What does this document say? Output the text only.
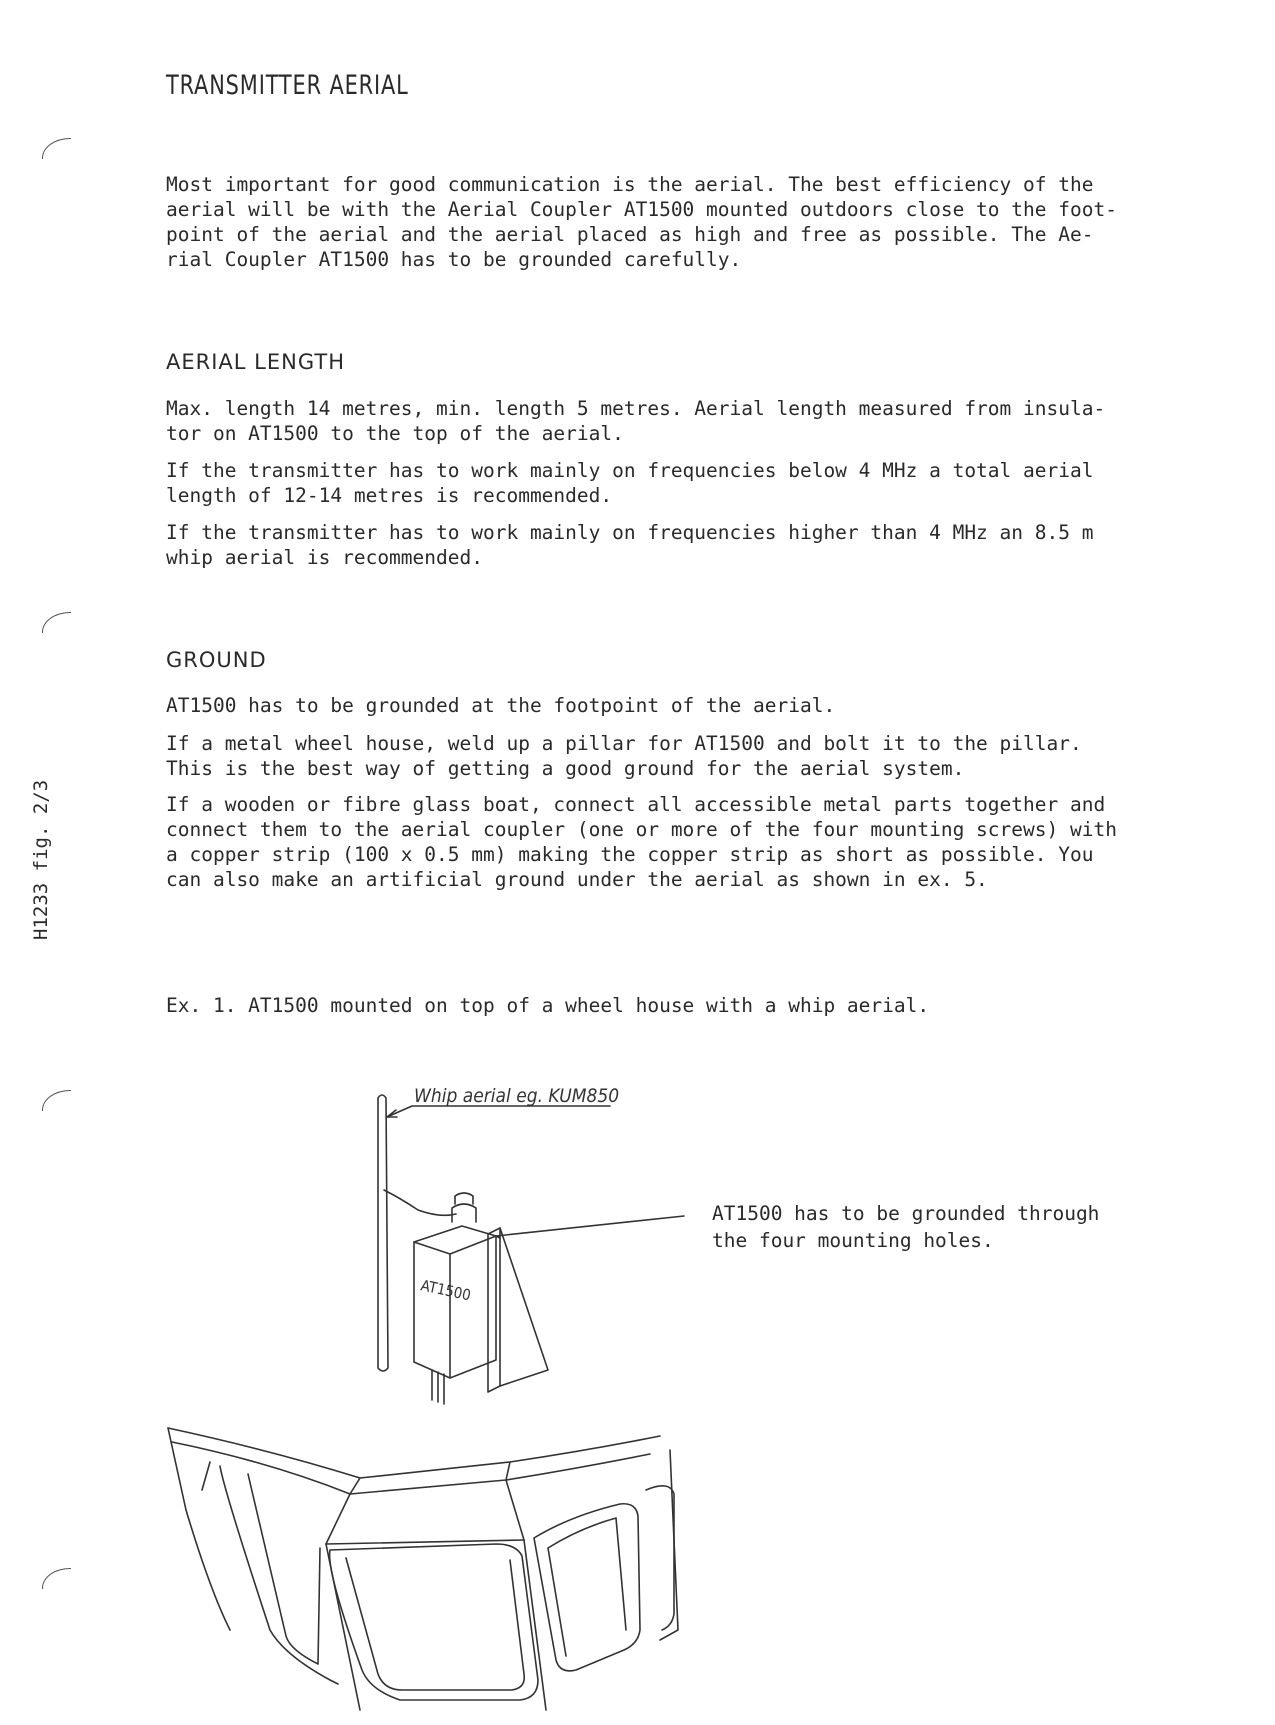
TRANSMITTER AERIAL

Most important for good communication is the aerial. The best efficiency of the
aerial will be with the Aerial Coupler AT1500 mounted outdoors close to the foot-
point of the aerial and the aerial placed as high and free as possible. The Ae-
rial Coupler AT1500 has to be grounded carefully.

AERIAL LENGTH

Max. length 14 metres, min. length 5 metres. Aerial length measured from insula-
tor on AT1500 to the top of the aerial.

If the transmitter has to work mainly on frequencies below 4 MHz a total aerial
length of 12-14 metres is recommended.

If the transmitter has to work mainly on frequencies higher than 4 MHz an 8.5 m
whip aerial is recommended.

GROUND

AT1500 has to be grounded at the footpoint of the aerial.

If a metal wheel house, weld up a pillar for AT1500 and bolt it to the pillar.
This is the best way of getting a good ground for the aerial system.

If a wooden or fibre glass boat, connect all accessible metal parts together and
connect them to the aerial coupler (one or more of the four mounting screws) with
a copper strip (100 x 0.5 mm) making the copper strip as short as possible. You
can also make an artificial ground under the aerial as shown in ex. 5.

Ex. 1. AT1500 mounted on top of a wheel house with a whip aerial.

H1233 fig. 2/3

AT1500 has to be grounded through
the four mounting holes.

Whip aerial eg. KUM850
AT1500
